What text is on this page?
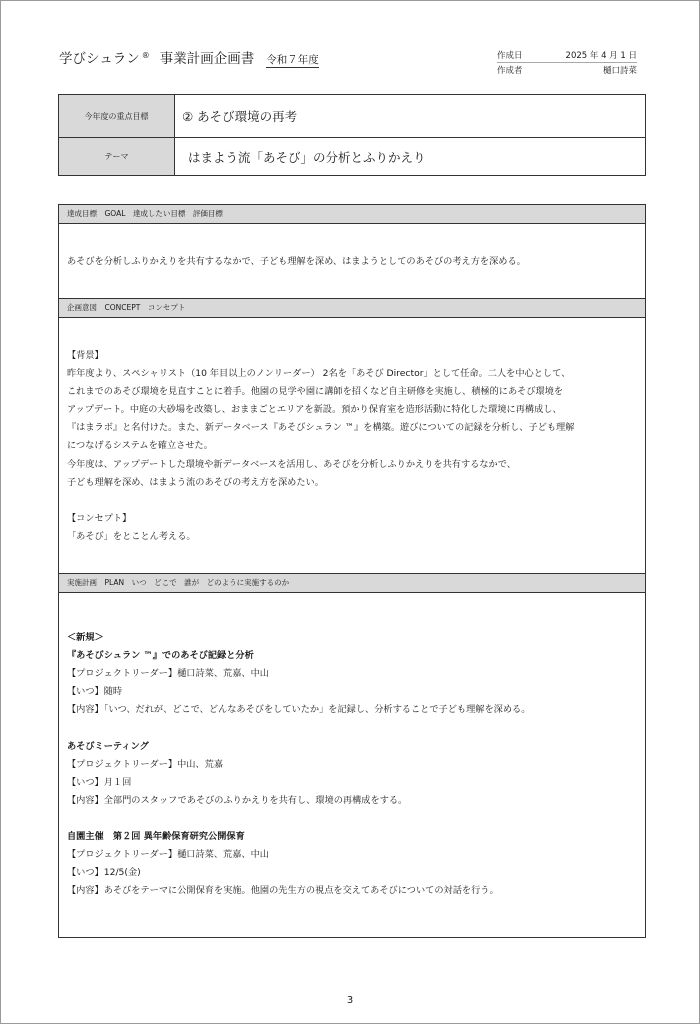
学びシュラン ® 事業計画企画書 令和７年度	作成日	2025 年 4 月 1 日
作成者	樋口詩菜
今年度の重点目標	② あそび環境の再考
テーマ	はまよう流「あそび」の分析とふりかえり
達成目標　GOAL　達成したい目標　評価目標
あそびを分析しふりかえりを共有するなかで、子ども理解を深め、はまようとしてのあそびの考え方を深める。
企画意図　CONCEPT　コンセプト
【背景】
昨年度より、スペシャリスト（10 年目以上のノンリーダー） 2名を「あそび Director」として任命。二人を中心として、
これまでのあそび環境を見直すことに着手。他園の見学や園に講師を招くなど自主研修を実施し、積極的にあそび環境を
アップデート。中庭の大砂場を改築し、おままごとエリアを新設。預かり保育室を造形活動に特化した環境に再構成し、
『はまラボ』と名付けた。また、新データベース『あそびシュラン ™』を構築。遊びについての記録を分析し、子ども理解
につなげるシステムを確立させた。
今年度は、アップデートした環境や新データベースを活用し、あそびを分析しふりかえりを共有するなかで、
子ども理解を深め、はまよう流のあそびの考え方を深めたい。
【コンセプト】
「あそび」をとことん考える。
実施計画　PLAN　いつ　どこで　誰が　どのように実施するのか
＜新規＞
『あそびシュラン ™』でのあそび記録と分析
【プロジェクトリーダー】樋口詩菜、荒嘉、中山
【いつ】随時
【内容】「いつ、だれが、どこで、どんなあそびをしていたか」を記録し、分析することで子ども理解を深める。
あそびミーティング
【プロジェクトリーダー】中山、荒嘉
【いつ】月１回
【内容】全部門のスタッフであそびのふりかえりを共有し、環境の再構成をする。
自園主催　第２回 異年齢保育研究公開保育
【プロジェクトリーダー】樋口詩菜、荒嘉、中山
【いつ】12/5(金)
【内容】あそびをテーマに公開保育を実施。他園の先生方の視点を交えてあそびについての対話を行う。
3
